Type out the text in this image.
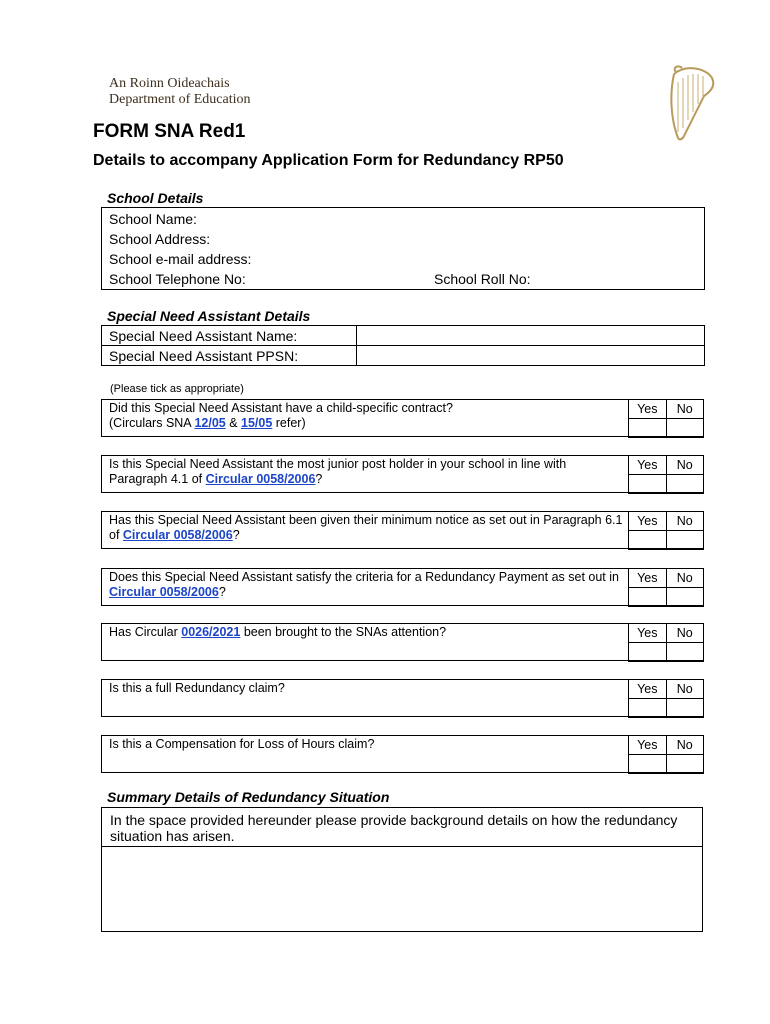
An Roinn Oideachais
Department of Education
FORM SNA Red1
Details to accompany Application Form for Redundancy RP50
School Details
School Name:
School Address:
School e-mail address:
School Telephone No:	School Roll No:
Special Need Assistant Details
Special Need Assistant Name:	
Special Need Assistant PPSN:	
(Please tick as appropriate)
Did this Special Need Assistant have a child-specific contract?
(Circulars SNA 12/05 & 15/05 refer)
Yes	No

Is this Special Need Assistant the most junior post holder in your school in line with Paragraph 4.1 of Circular 0058/2006?
Yes	No

Has this Special Need Assistant been given their minimum notice as set out in Paragraph 6.1 of Circular 0058/2006?
Yes	No

Does this Special Need Assistant satisfy the criteria for a Redundancy Payment as set out in Circular 0058/2006?
Yes	No

Has Circular 0026/2021 been brought to the SNAs attention?	Yes	No

Is this a full Redundancy claim?	Yes	No

Is this a Compensation for Loss of Hours claim?	Yes	No

Summary Details of Redundancy Situation
In the space provided hereunder please provide background details on how the redundancy situation has arisen.
